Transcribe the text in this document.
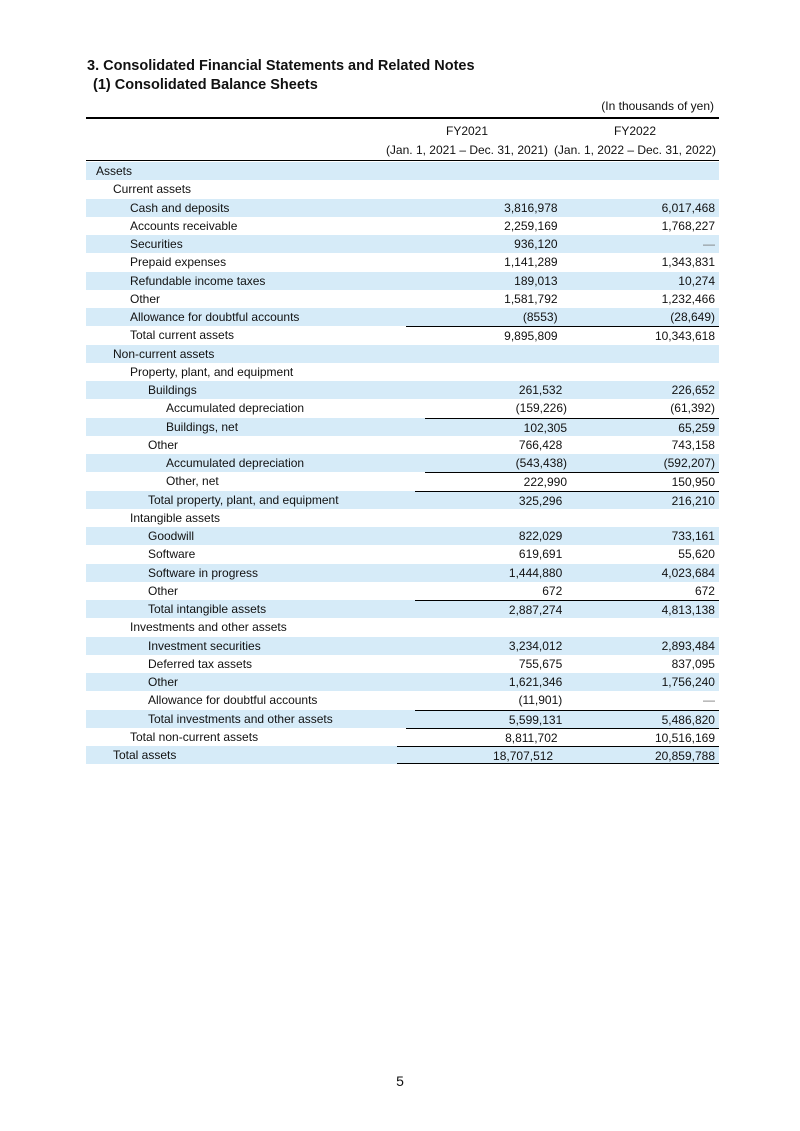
3. Consolidated Financial Statements and Related Notes
(1) Consolidated Balance Sheets
(In thousands of yen)
FY2021
(Jan. 1, 2021 – Dec. 31, 2021)
FY2022
(Jan. 1, 2022 – Dec. 31, 2022)
Assets
Current assets
Cash and deposits	3,816,978	6,017,468
Accounts receivable	2,259,169	1,768,227
Securities	936,120	—
Prepaid expenses	1,141,289	1,343,831
Refundable income taxes	189,013	10,274
Other	1,581,792	1,232,466
Allowance for doubtful accounts	(8553)	(28,649)
Total current assets	9,895,809	10,343,618
Non-current assets
Property, plant, and equipment
Buildings	261,532	226,652
Accumulated depreciation	(159,226)	(61,392)
Buildings, net	102,305	65,259
Other	766,428	743,158
Accumulated depreciation	(543,438)	(592,207)
Other, net	222,990	150,950
Total property, plant, and equipment	325,296	216,210
Intangible assets
Goodwill	822,029	733,161
Software	619,691	55,620
Software in progress	1,444,880	4,023,684
Other	672	672
Total intangible assets	2,887,274	4,813,138
Investments and other assets
Investment securities	3,234,012	2,893,484
Deferred tax assets	755,675	837,095
Other	1,621,346	1,756,240
Allowance for doubtful accounts	(11,901)	—
Total investments and other assets	5,599,131	5,486,820
Total non-current assets	8,811,702	10,516,169
Total assets	18,707,512	20,859,788
5
